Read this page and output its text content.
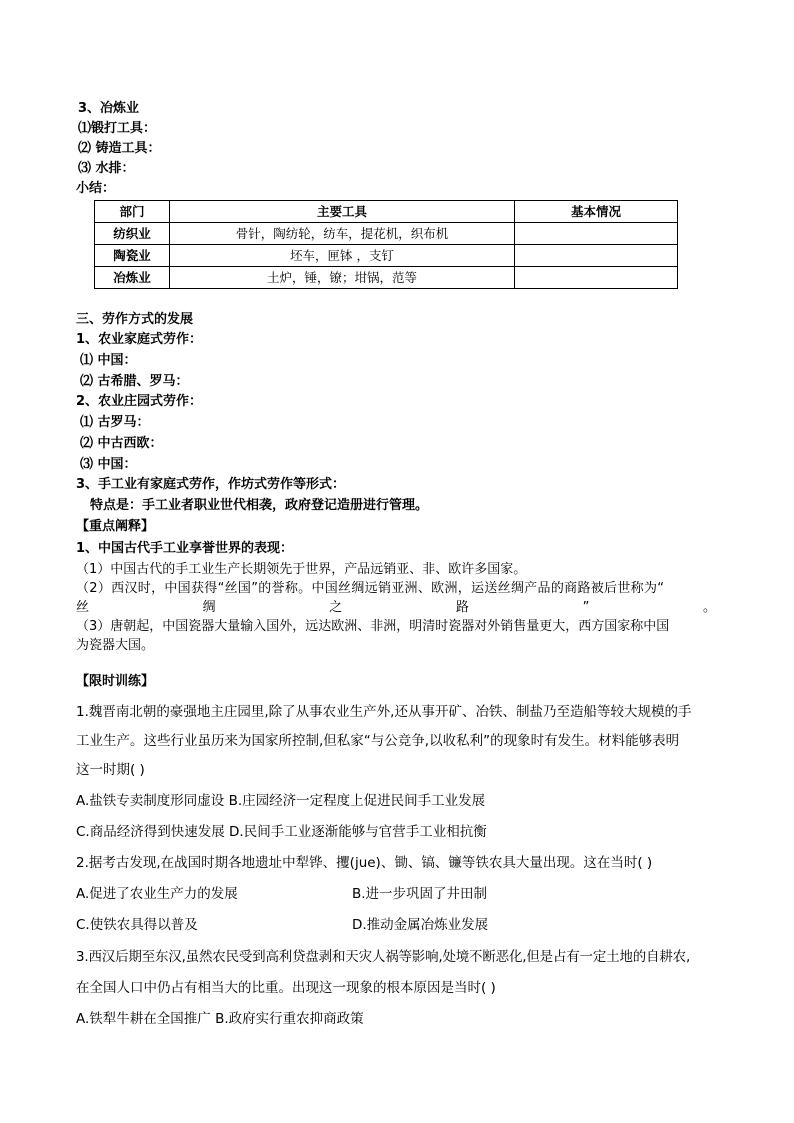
3、冶炼业
⑴锻打工具：
⑵ 铸造工具：
⑶ 水排：
小结：
部门	主要工具	基本情况
纺织业	骨针，陶纺轮，纺车，提花机，织布机	
陶瓷业	坯车，匣钵 ，支钉	
冶炼业	土炉，锤，镣；坩锅，范等	
三、劳作方式的发展
1、农业家庭式劳作：
⑴ 中国：
⑵ 古希腊、罗马：
2、农业庄园式劳作：
⑴ 古罗马：
⑵ 中古西欧：
⑶ 中国：
3、手工业有家庭式劳作，作坊式劳作等形式：
特点是：手工业者职业世代相袭，政府登记造册进行管理。
【重点阐释】
1、中国古代手工业享誉世界的表现：
（1）中国古代的手工业生产长期领先于世界，产品远销亚、非、欧许多国家。
（2）西汉时，中国获得“丝国”的誉称。中国丝绸远销亚洲、欧洲，运送丝绸产品的商路被后世称为“
丝	绸	之	路	”	。
（3）唐朝起，中国瓷器大量输入国外，远达欧洲、非洲，明清时瓷器对外销售量更大，西方国家称中国
为瓷器大国。
【限时训练】
1.魏晋南北朝的豪强地主庄园里,除了从事农业生产外,还从事开矿、冶铁、制盐乃至造船等较大规模的手
工业生产。这些行业虽历来为国家所控制,但私家“与公竞争,以收私利”的现象时有发生。材料能够表明
这一时期( )
A.盐铁专卖制度形同虚设 B.庄园经济一定程度上促进民间手工业发展
C.商品经济得到快速发展 D.民间手工业逐渐能够与官营手工业相抗衡
2.据考古发现,在战国时期各地遗址中犁铧、攫(jue)、锄、镐、镰等铁农具大量出现。这在当时( )
A.促进了农业生产力的发展	B.进一步巩固了井田制
C.使铁农具得以普及	D.推动金属冶炼业发展
3.西汉后期至东汉,虽然农民受到高利贷盘剥和天灾人祸等影响,处境不断恶化,但是占有一定土地的自耕农,
在全国人口中仍占有相当大的比重。出现这一现象的根本原因是当时( )
A.铁犁牛耕在全国推广 B.政府实行重农抑商政策
